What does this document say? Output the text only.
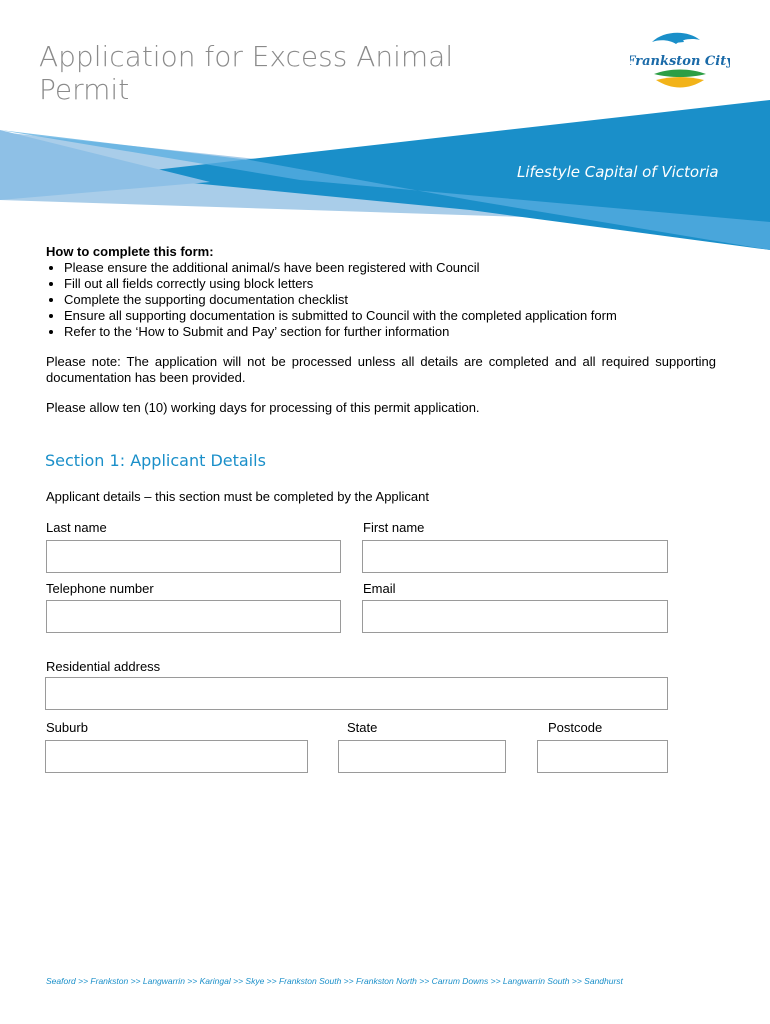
Application for Excess Animal Permit
Frankston City
Lifestyle Capital of Victoria

How to complete this form:

• Please ensure the additional animal/s have been registered with Council
• Fill out all fields correctly using block letters
• Complete the supporting documentation checklist
• Ensure all supporting documentation is submitted to Council with the completed application form
• Refer to the ‘How to Submit and Pay’ section for further information

Please note: The application will not be processed unless all details are completed and all required supporting documentation has been provided.

Please allow ten (10) working days for processing of this permit application.

Section 1: Applicant Details

Applicant details – this section must be completed by the Applicant

Last name	First name

Telephone number	Email

Residential address

Suburb	State	Postcode

Seaford >> Frankston >> Langwarrin >> Karingal >> Skye >> Frankston South >> Frankston North >> Carrum Downs >> Langwarrin South >> Sandhurst
